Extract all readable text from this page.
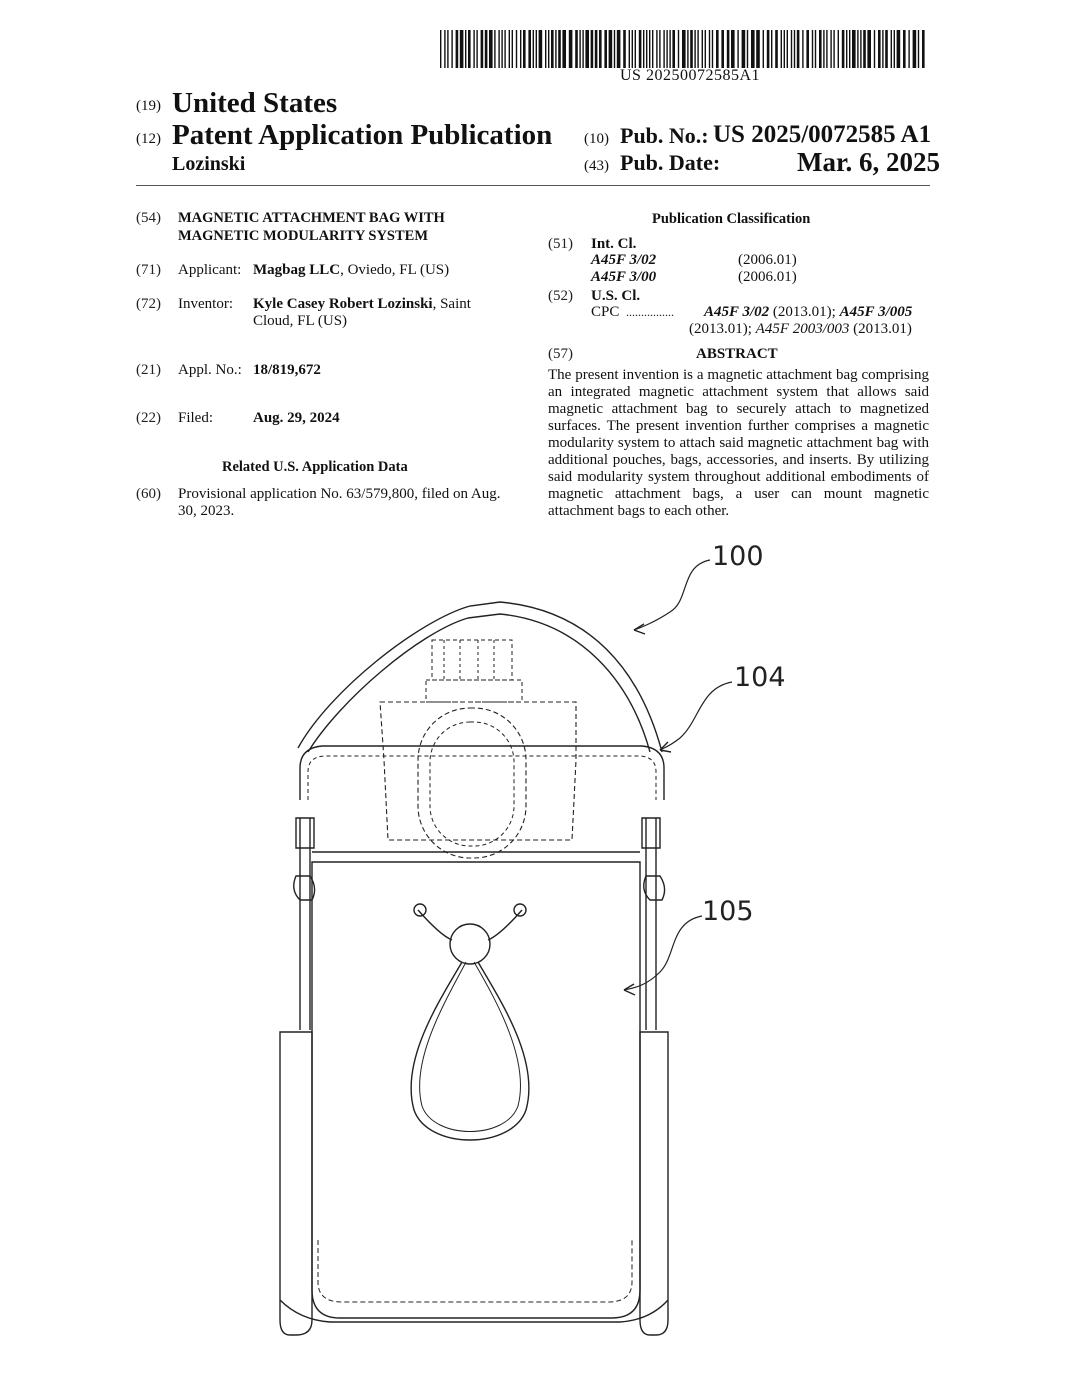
US 20250072585A1
(19) United States
(12) Patent Application Publication
Lozinski
(10) Pub. No.: US 2025/0072585 A1
(43) Pub. Date:	Mar. 6, 2025
(54) MAGNETIC ATTACHMENT BAG WITH
MAGNETIC MODULARITY SYSTEM
(71) Applicant: Magbag LLC, Oviedo, FL (US)
(72) Inventor: Kyle Casey Robert Lozinski, Saint
Cloud, FL (US)
(21) Appl. No.: 18/819,672
(22) Filed:	Aug. 29, 2024
Related U.S. Application Data
(60) Provisional application No. 63/579,800, filed on Aug.
30, 2023.
Publication Classification
(51) Int. Cl.
A45F 3/02	(2006.01)
A45F 3/00	(2006.01)
(52) U.S. Cl.
CPC ................ A45F 3/02 (2013.01); A45F 3/005
(2013.01); A45F 2003/003 (2013.01)
(57)	ABSTRACT
The present invention is a magnetic attachment bag comprising an integrated magnetic attachment system that allows said magnetic attachment bag to securely attach to magnetized surfaces. The present invention further comprises a magnetic modularity system to attach said magnetic attachment bag with additional pouches, bags, accessories, and inserts. By utilizing said modularity system throughout additional embodiments of magnetic attachment bags, a user can mount magnetic attachment bags to each other.
100
104
105
